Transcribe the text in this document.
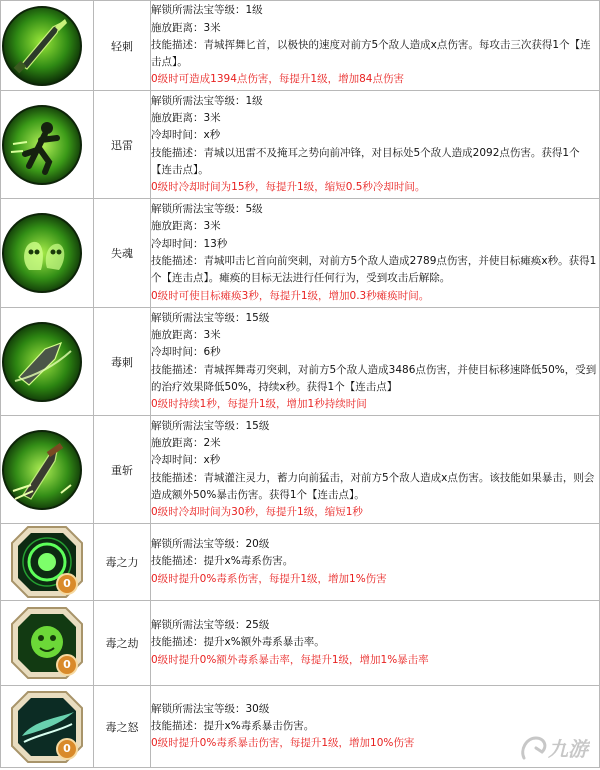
	轻刺	解锁所需法宝等级：1级
施放距离：3米
技能描述：青城挥舞匕首，以极快的速度对前方5个敌人造成x点伤害。每攻击三次获得1个【连击点】。
0级时可造成1394点伤害，每提升1级，增加84点伤害

	迅雷	解锁所需法宝等级：1级
施放距离：3米
冷却时间：x秒
技能描述：青城以迅雷不及掩耳之势向前冲锋，对目标处5个敌人造成2092点伤害。获得1个【连击点】。
0级时冷却时间为15秒，每提升1级，缩短0.5秒冷却时间。

	失魂	解锁所需法宝等级：5级
施放距离：3米
冷却时间：13秒
技能描述：青城叩击匕首向前突刺，对前方5个敌人造成2789点伤害，并使目标瘫痪x秒。获得1个【连击点】。瘫痪的目标无法进行任何行为，受到攻击后解除。
0级时可使目标瘫痪3秒，每提升1级，增加0.3秒瘫痪时间。

	毒刺	解锁所需法宝等级：15级
施放距离：3米
冷却时间：6秒
技能描述：青城挥舞毒刃突刺，对前方5个敌人造成3486点伤害，并使目标移速降低50%，受到的治疗效果降低50%，持续x秒。获得1个【连击点】
0级时持续1秒，每提升1级，增加1秒持续时间

	重斩	解锁所需法宝等级：15级
施放距离：2米
冷却时间：x秒
技能描述：青城灌注灵力，蓄力向前猛击，对前方5个敌人造成x点伤害。该技能如果暴击，则会造成额外50%暴击伤害。获得1个【连击点】。
0级时冷却时间为30秒，每提升1级，缩短1秒

0	毒之力	解锁所需法宝等级：20级
技能描述：提升x%毒系伤害。
0级时提升0%毒系伤害，每提升1级，增加1%伤害

0	毒之劫	解锁所需法宝等级：25级
技能描述：提升x%额外毒系暴击率。
0级时提升0%额外毒系暴击率，每提升1级，增加1%暴击率

0	毒之怒	解锁所需法宝等级：30级
技能描述：提升x%毒系暴击伤害。
0级时提升0%毒系暴击伤害，每提升1级，增加10%伤害	九游
